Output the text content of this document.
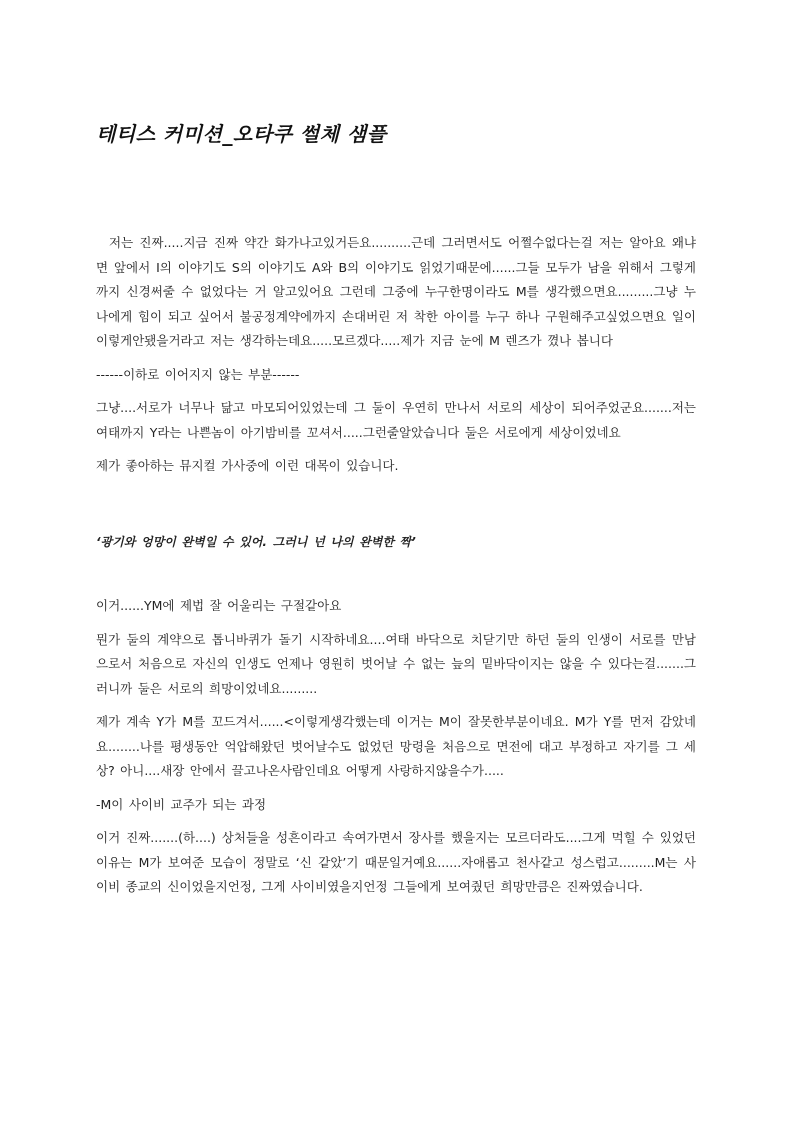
테티스 커미션_오타쿠 썰체 샘플

저는 진짜.....지금 진짜 약간 화가나고있거든요..........근데 그러면서도 어쩔수없다는걸 저는 알아요 왜냐면 앞에서 I의 이야기도 S의 이야기도 A와 B의 이야기도 읽었기때문에......그들 모두가 남을 위해서 그렇게까지 신경써줄 수 없었다는 거 알고있어요 그런데 그중에 누구한명이라도 M를 생각했으면요.........그냥 누나에게 힘이 되고 싶어서 불공정계약에까지 손대버린 저 착한 아이를 누구 하나 구원해주고싶었으면요 일이 이렇게안됐을거라고 저는 생각하는데요.....모르겠다.....제가 지금 눈에 M 렌즈가 꼈나 봅니다

------이하로 이어지지 않는 부분------

그냥....서로가 너무나 닮고 마모되어있었는데 그 둘이 우연히 만나서 서로의 세상이 되어주었군요.......저는 여태까지 Y라는 나쁜놈이 아기밤비를 꼬셔서.....그런줄알았습니다 둘은 서로에게 세상이었네요

제가 좋아하는 뮤지컬 가사중에 이런 대목이 있습니다.

‘광기와 엉망이 완벽일 수 있어. 그러니 넌 나의 완벽한 짝’

이거......YM에 제법 잘 어울리는 구절같아요

뭔가 둘의 계약으로 톱니바퀴가 돌기 시작하네요....여태 바닥으로 치닫기만 하던 둘의 인생이 서로를 만남으로서 처음으로 자신의 인생도 언제나 영원히 벗어날 수 없는 늪의 밑바닥이지는 않을 수 있다는걸.......그러니까 둘은 서로의 희망이었네요.........

제가 계속 Y가 M를 꼬드겨서......<이렇게생각했는데 이거는 M이 잘못한부분이네요. M가 Y를 먼저 감았네요........나를 평생동안 억압해왔던 벗어날수도 없었던 망령을 처음으로 면전에 대고 부정하고 자기를 그 세상? 아니....새장 안에서 끌고나온사람인데요 어떻게 사랑하지않을수가.....

-M이 사이비 교주가 되는 과정

이거 진짜.......(하....) 상처들을 성흔이라고 속여가면서 장사를 했을지는 모르더라도....그게 먹힐 수 있었던 이유는 M가 보여준 모습이 정말로 ‘신 같았’기 때문일거예요......자애롭고 천사같고 성스럽고.........M는 사이비 종교의 신이었을지언정, 그게 사이비였을지언정 그들에게 보여줬던 희망만큼은 진짜였습니다.
